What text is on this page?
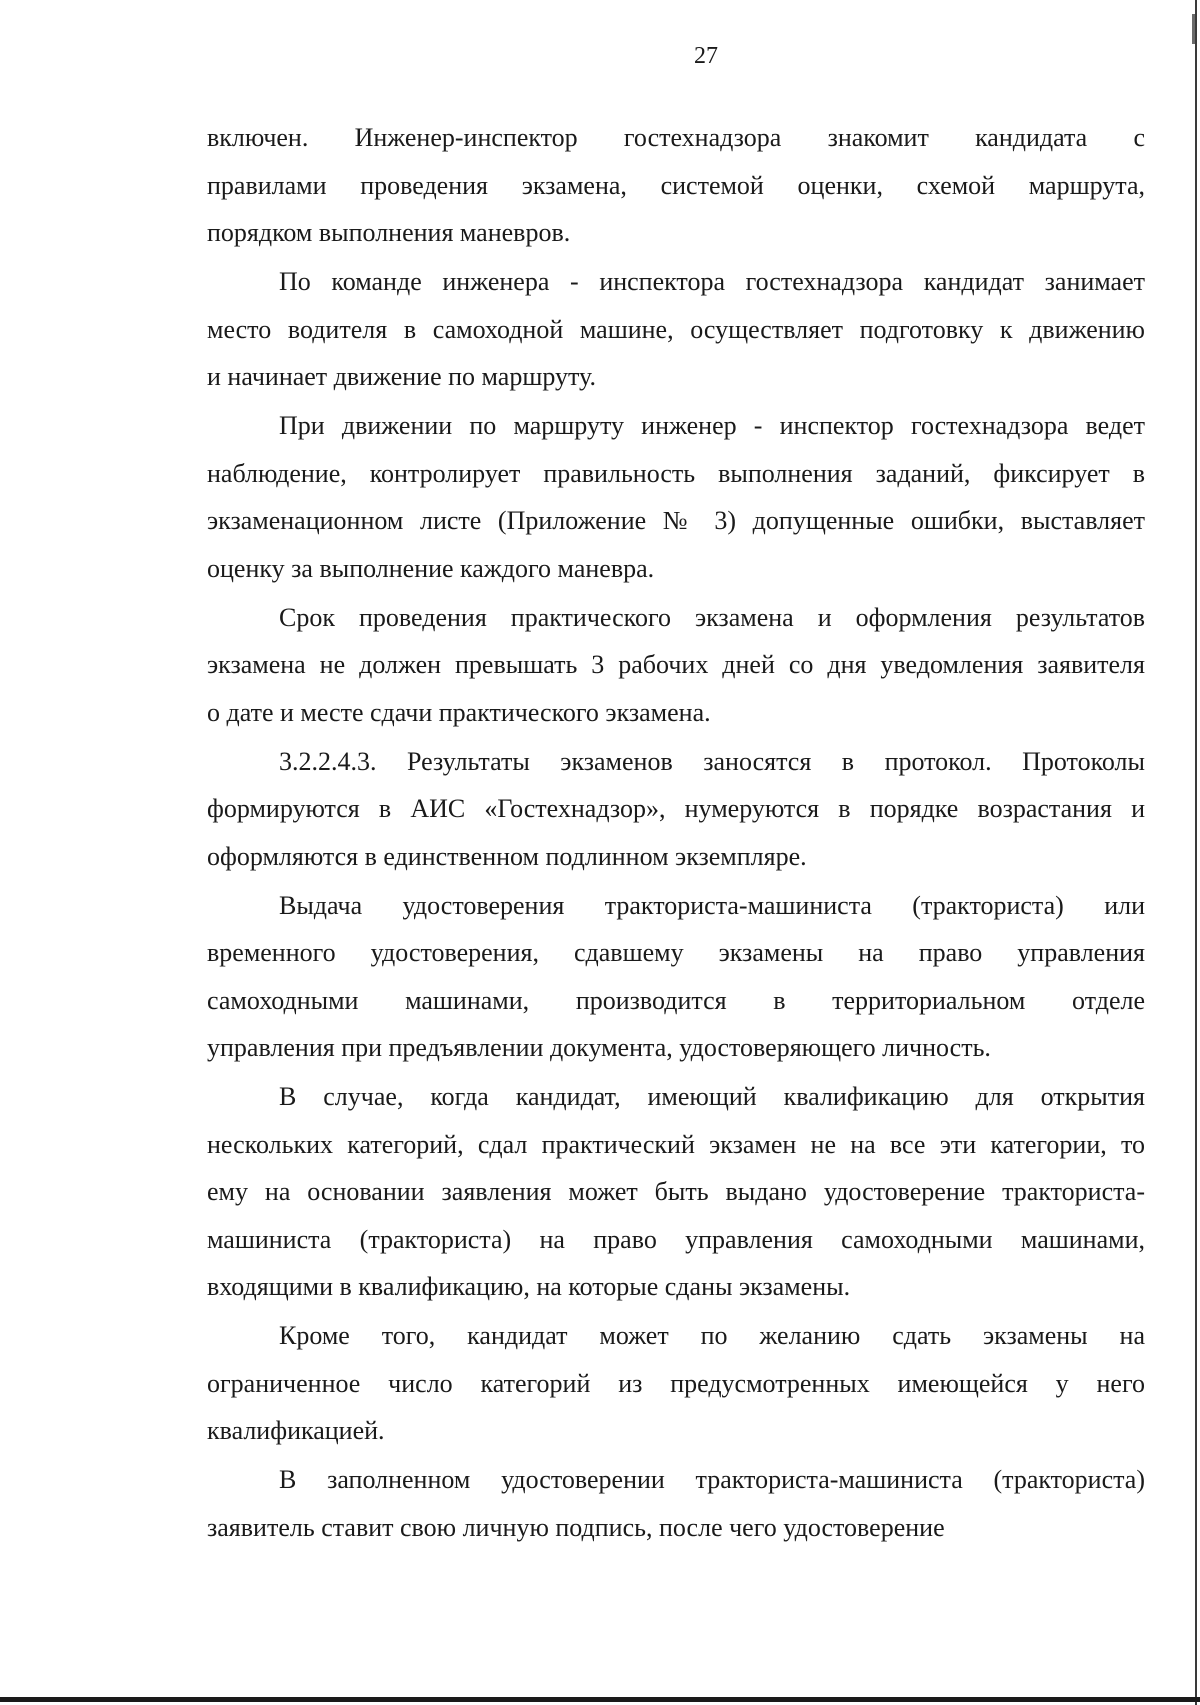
27

включен. Инженер-инспектор гостехнадзора знакомит кандидата с
правилами проведения экзамена, системой оценки, схемой маршрута,
порядком выполнения маневров.

По команде инженера - инспектора гостехнадзора кандидат занимает
место водителя в самоходной машине, осуществляет подготовку к движению
и начинает движение по маршруту.

При движении по маршруту инженер - инспектор гостехнадзора ведет
наблюдение, контролирует правильность выполнения заданий, фиксирует в
экзаменационном листе (Приложение № 3) допущенные ошибки, выставляет
оценку за выполнение каждого маневра.

Срок проведения практического экзамена и оформления результатов
экзамена не должен превышать 3 рабочих дней со дня уведомления заявителя
о дате и месте сдачи практического экзамена.

3.2.2.4.3. Результаты экзаменов заносятся в протокол. Протоколы
формируются в АИС «Гостехнадзор», нумеруются в порядке возрастания и
оформляются в единственном подлинном экземпляре.

Выдача удостоверения тракториста-машиниста (тракториста) или
временного удостоверения, сдавшему экзамены на право управления
самоходными машинами, производится в территориальном отделе
управления при предъявлении документа, удостоверяющего личность.

В случае, когда кандидат, имеющий квалификацию для открытия
нескольких категорий, сдал практический экзамен не на все эти категории, то
ему на основании заявления может быть выдано удостоверение тракториста-
машиниста (тракториста) на право управления самоходными машинами,
входящими в квалификацию, на которые сданы экзамены.

Кроме того, кандидат может по желанию сдать экзамены на
ограниченное число категорий из предусмотренных имеющейся у него
квалификацией.

В заполненном удостоверении тракториста-машиниста (тракториста)
заявитель ставит свою личную подпись, после чего удостоверение
